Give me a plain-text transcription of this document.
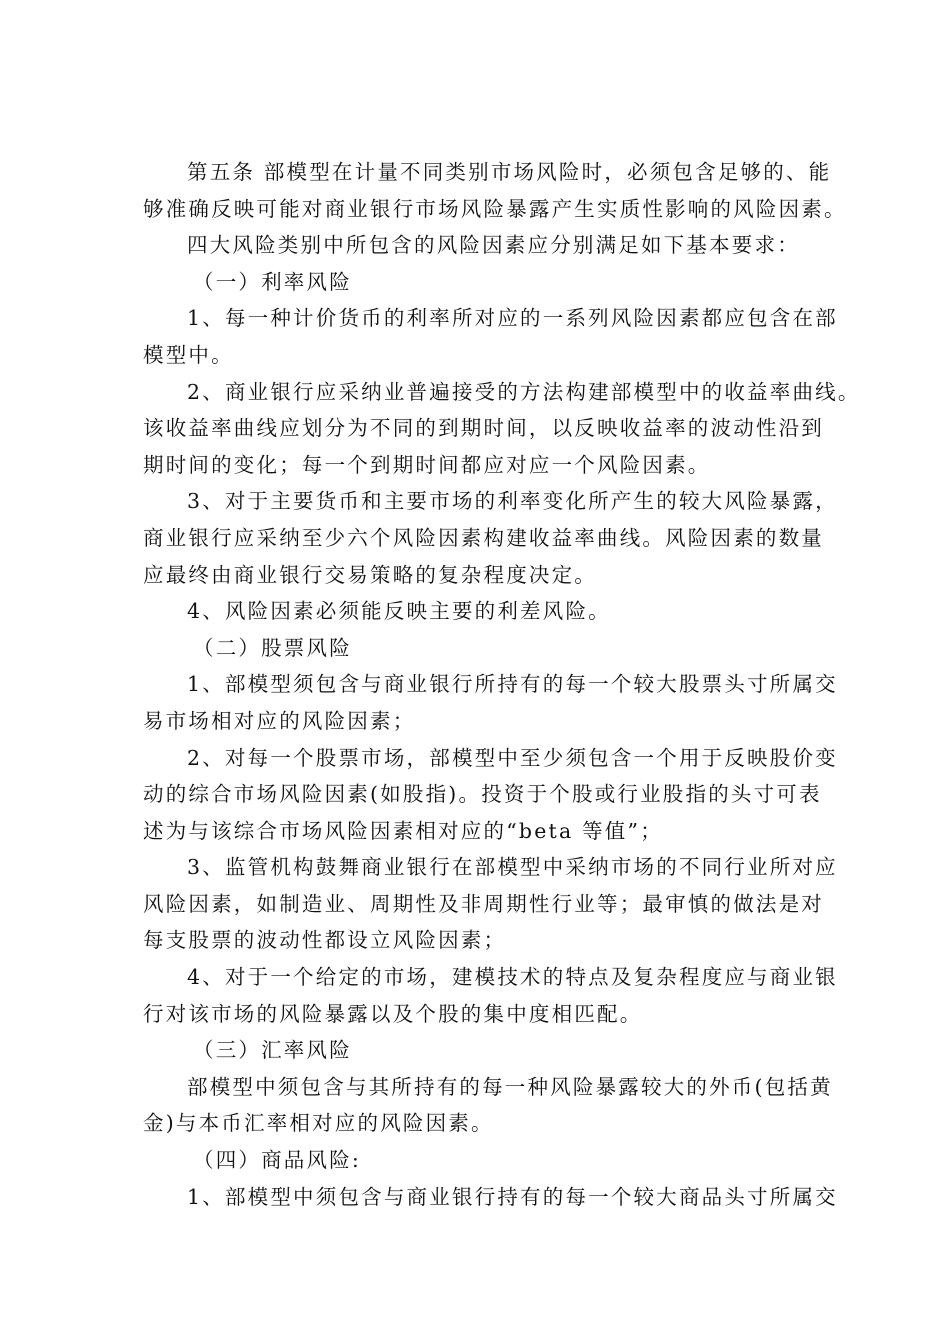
第五条 部模型在计量不同类别市场风险时，必须包含足够的、能
够准确反映可能对商业银行市场风险暴露产生实质性影响的风险因素。
四大风险类别中所包含的风险因素应分别满足如下基本要求：
（一）利率风险
1、每一种计价货币的利率所对应的一系列风险因素都应包含在部
模型中。
2、商业银行应采纳业普遍接受的方法构建部模型中的收益率曲线。
该收益率曲线应划分为不同的到期时间，以反映收益率的波动性沿到
期时间的变化；每一个到期时间都应对应一个风险因素。
3、对于主要货币和主要市场的利率变化所产生的较大风险暴露，
商业银行应采纳至少六个风险因素构建收益率曲线。风险因素的数量
应最终由商业银行交易策略的复杂程度决定。
4、风险因素必须能反映主要的利差风险。
（二）股票风险
1、部模型须包含与商业银行所持有的每一个较大股票头寸所属交
易市场相对应的风险因素；
2、对每一个股票市场，部模型中至少须包含一个用于反映股价变
动的综合市场风险因素(如股指)。投资于个股或行业股指的头寸可表
述为与该综合市场风险因素相对应的“beta 等值”；
3、监管机构鼓舞商业银行在部模型中采纳市场的不同行业所对应
风险因素，如制造业、周期性及非周期性行业等；最审慎的做法是对
每支股票的波动性都设立风险因素；
4、对于一个给定的市场，建模技术的特点及复杂程度应与商业银
行对该市场的风险暴露以及个股的集中度相匹配。
（三）汇率风险
部模型中须包含与其所持有的每一种风险暴露较大的外币(包括黄
金)与本币汇率相对应的风险因素。
（四）商品风险:
1、部模型中须包含与商业银行持有的每一个较大商品头寸所属交
